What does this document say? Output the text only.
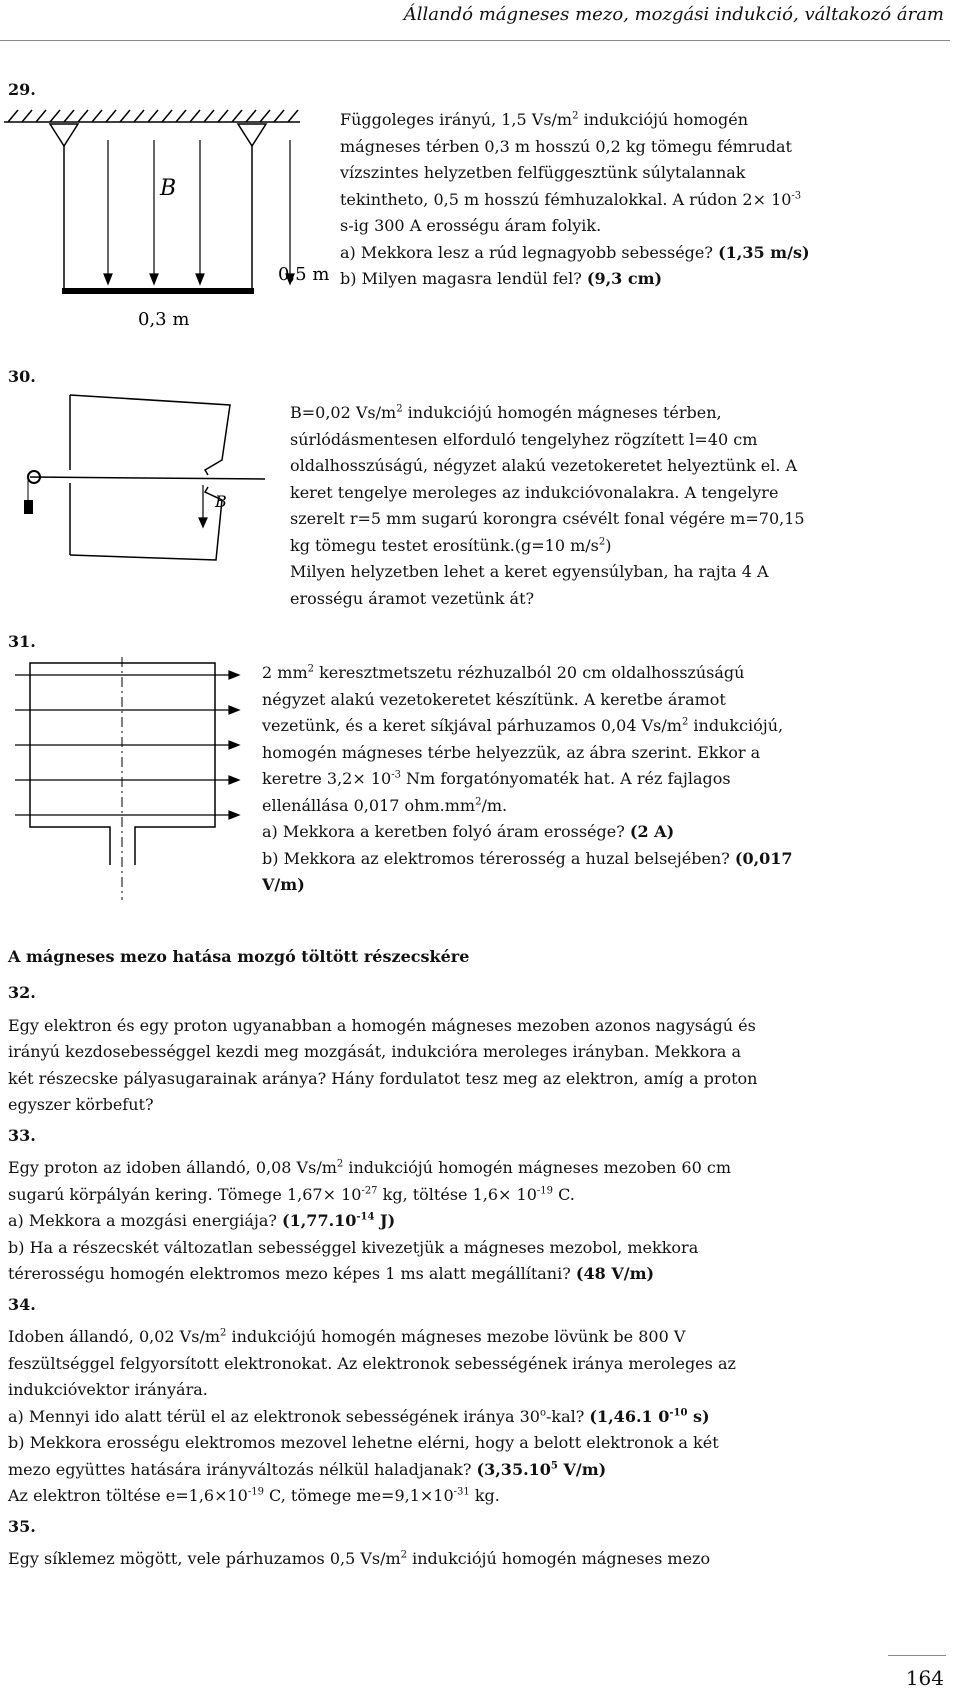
Állandó mágneses mezo, mozgási indukció, váltakozó áram
29.
B
0,5 m
0,3 m

Függoleges irányú, 1,5 $Vs/m^2$ indukciójú homogén

mágneses térben 0,3 m hosszú 0,2 kg tömegu fémrudat

vízszintes helyzetben felfüggesztünk súlytalannak

tekintheto, 0,5 m hosszú fémhuzalokkal. A rúdon $2\times 10^{-3}$

s-ig 300 A erosségu áram folyik.

a) Mekkora lesz a rúd legnagyobb sebessége? (1,35 m/s)

b) Milyen magasra lendül fel? (9,3 cm)

30.
B

B=0,02 $Vs/m^2$ indukciójú homogén mágneses térben,

súrlódásmentesen elforduló tengelyhez rögzített l=40 cm

oldalhosszúságú, négyzet alakú vezetokeretet helyeztünk el. A

keret tengelye meroleges az indukcióvonalakra. A tengelyre

szerelt r=5 mm sugarú korongra csévélt fonal végére m=70,15

kg tömegu testet erosítünk.(g=10 $m/s^2$)

Milyen helyzetben lehet a keret egyensúlyban, ha rajta 4 A

erosségu áramot vezetünk át?

31.

2 $mm^2$ keresztmetszetu rézhuzalból 20 cm oldalhosszúságú

négyzet alakú vezetokeretet készítünk. A keretbe áramot

vezetünk, és a keret síkjával párhuzamos 0,04 $Vs/m^2$ indukciójú,

homogén mágneses térbe helyezzük, az ábra szerint. Ekkor a

keretre $3,2\times 10^{-3}$ Nm forgatónyomaték hat. A réz fajlagos

ellenállása 0,017 $ohm.mm^2/m$.

a) Mekkora a keretben folyó áram erossége? (2 A)

b) Mekkora az elektromos térerosség a huzal belsejében? (0,017

V/m)

A mágneses mezo hatása mozgó töltött részecskére

32.

Egy elektron és egy proton ugyanabban a homogén mágneses mezoben azonos nagyságú és

irányú kezdosebességgel kezdi meg mozgását, indukcióra meroleges irányban. Mekkora a

két részecske pályasugarainak aránya? Hány fordulatot tesz meg az elektron, amíg a proton

egyszer körbefut?

33.

Egy proton az idoben állandó, 0,08 $Vs/m^2$ indukciójú homogén mágneses mezoben 60 cm

sugarú körpályán kering. Tömege $1,67\times 10^{-27}$ kg, töltése $1,6\times 10^{-19}$ C.

a) Mekkora a mozgási energiája? ($1,77.10^{-14}$ J)

b) Ha a részecskét változatlan sebességgel kivezetjük a mágneses mezobol, mekkora

térerosségu homogén elektromos mezo képes 1 ms alatt megállítani? (48 V/m)

34.

Idoben állandó, 0,02 $Vs/m^2$ indukciójú homogén mágneses mezobe lövünk be 800 V

feszültséggel felgyorsított elektronokat. Az elektronok sebességének iránya meroleges az

indukcióvektor irányára.

a) Mennyi ido alatt térül el az elektronok sebességének iránya 30$^o$-kal? (1,46.1 $0^{-10}$ s)

b) Mekkora erosségu elektromos mezovel lehetne elérni, hogy a belott elektronok a két

mezo együttes hatására irányváltozás nélkül haladjanak? (3,35.10$^5$ V/m)

Az elektron töltése $e=1,6\times 10^{-19}$ C, tömege $me=9,1\times 10^{-31}$ kg.

35.

Egy síklemez mögött, vele párhuzamos 0,5 $Vs/m^2$ indukciójú homogén mágneses mezo

164
